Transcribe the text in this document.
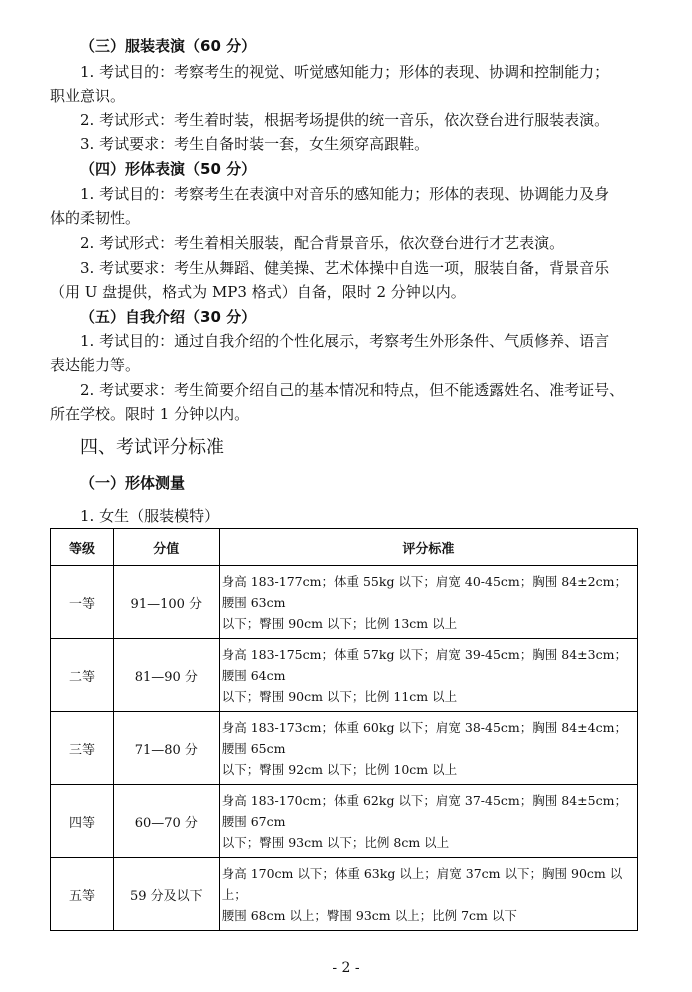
（三）服装表演（60 分）
1. 考试目的：考察考生的视觉、听觉感知能力；形体的表现、协调和控制能力；
职业意识。
2. 考试形式：考生着时装，根据考场提供的统一音乐，依次登台进行服装表演。
3. 考试要求：考生自备时装一套，女生须穿高跟鞋。
（四）形体表演（50 分）
1. 考试目的：考察考生在表演中对音乐的感知能力；形体的表现、协调能力及身
体的柔韧性。
2. 考试形式：考生着相关服装，配合背景音乐，依次登台进行才艺表演。
3. 考试要求：考生从舞蹈、健美操、艺术体操中自选一项，服装自备，背景音乐
（用 U 盘提供，格式为 MP3 格式）自备，限时 2 分钟以内。
（五）自我介绍（30 分）
1. 考试目的：通过自我介绍的个性化展示，考察考生外形条件、气质修养、语言
表达能力等。
2. 考试要求：考生简要介绍自己的基本情况和特点，但不能透露姓名、准考证号、
所在学校。限时 1 分钟以内。
四、考试评分标准
（一）形体测量
1. 女生（服装模特）
等级	分值	评分标准
一等	91—100 分	身高 183-177cm；体重 55kg 以下；肩宽 40-45cm；胸围 84±2cm；腰围 63cm
以下；臀围 90cm 以下；比例 13cm 以上

二等	81—90 分	身高 183-175cm；体重 57kg 以下；肩宽 39-45cm；胸围 84±3cm；腰围 64cm
以下；臀围 90cm 以下；比例 11cm 以上

三等	71—80 分	身高 183-173cm；体重 60kg 以下；肩宽 38-45cm；胸围 84±4cm；腰围 65cm
以下；臀围 92cm 以下；比例 10cm 以上

四等	60—70 分	身高 183-170cm；体重 62kg 以下；肩宽 37-45cm；胸围 84±5cm；腰围 67cm
以下；臀围 93cm 以下；比例 8cm 以上

五等	59 分及以下	身高 170cm 以下；体重 63kg 以上；肩宽 37cm 以下；胸围 90cm 以上；
腰围 68cm 以上；臀围 93cm 以上；比例 7cm 以下
- 2 -
